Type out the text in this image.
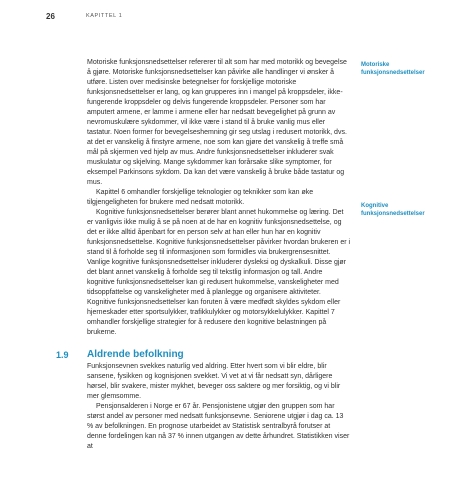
26	KAPITTEL 1
Motoriske funksjonsnedsettelser
Kognitive funksjonsnedsettelser

Motoriske funksjonsnedsettelser refererer til alt som har med motorikk og bevegelse å gjøre. Motoriske funksjonsnedsettelser kan påvirke alle handlinger vi ønsker å utføre. Listen over medisinske betegnelser for forskjellige motoriske funksjonsnedsettelser er lang, og kan grupperes inn i mangel på kroppsdeler, ikke-fungerende kroppsdeler og delvis fungerende kroppsdeler. Personer som har amputert armene, er lamme i armene eller har nedsatt bevegelighet på grunn av nevromuskulære sykdommer, vil ikke være i stand til å bruke vanlig mus eller tastatur. Noen former for bevegelseshemning gir seg utslag i redusert motorikk, dvs. at det er vanskelig å finstyre armene, noe som kan gjøre det vanskelig å treffe små mål på skjermen ved hjelp av mus. Andre funksjonsnedsettelser inkluderer svak muskulatur og skjelving. Mange sykdommer kan forårsake slike symptomer, for eksempel Parkinsons sykdom. Da kan det være vanskelig å bruke både tastatur og mus.

Kapittel 6 omhandler forskjellige teknologier og teknikker som kan øke tilgjengeligheten for brukere med nedsatt motorikk.

Kognitive funksjonsnedsettelser berører blant annet hukommelse og læring. Det er vanligvis ikke mulig å se på noen at de har en kognitiv funksjonsnedsettelse, og det er ikke alltid åpenbart for en person selv at han eller hun har en kognitiv funksjonsnedsettelse. Kognitive funksjonsnedsettelser påvirker hvordan brukeren er i stand til å forholde seg til informasjonen som formidles via brukergrensesnittet. Vanlige kognitive funksjonsnedsettelser inkluderer dysleksi og dyskalkuli. Disse gjør det blant annet vanskelig å forholde seg til tekstlig informasjon og tall. Andre kognitive funksjonsnedsettelser kan gi redusert hukommelse, vanskeligheter med tidsoppfattelse og vanskeligheter med å planlegge og organisere aktiviteter. Kognitive funksjonsnedsettelser kan foruten å være medfødt skyldes sykdom eller hjerneskader etter sportsulykker, trafikkulykker og motorsykkelulykker. Kapittel 7 omhandler forskjellige strategier for å redusere den kognitive belastningen på brukerne.

1.9 Aldrende befolkning

Funksjonsevnen svekkes naturlig ved aldring. Etter hvert som vi blir eldre, blir sansene, fysikken og kognisjonen svekket. Vi vet at vi får nedsatt syn, dårligere hørsel, blir svakere, mister mykhet, beveger oss saktere og mer forsiktig, og vi blir mer glemsomme.

Pensjonsalderen i Norge er 67 år. Pensjonistene utgjør den gruppen som har størst andel av personer med nedsatt funksjonsevne. Seniorene utgjør i dag ca. 13 % av befolkningen. En prognose utarbeidet av Statistisk sentralbyrå forutser at denne fordelingen kan nå 37 % innen utgangen av dette århundret. Statistikken viser at
